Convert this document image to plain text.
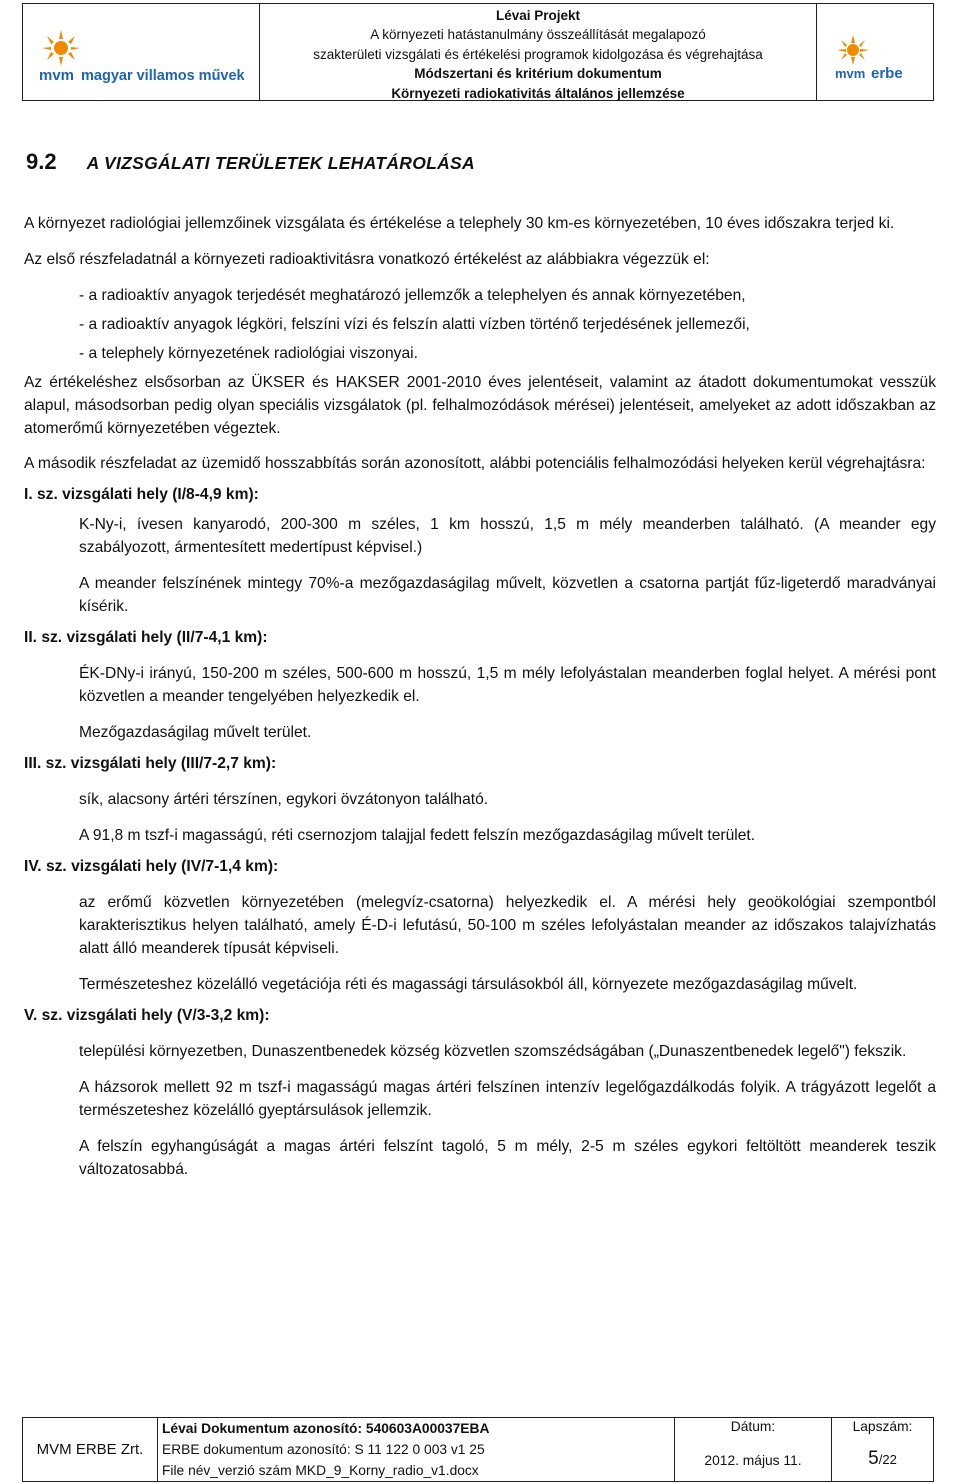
mvm magyar villamos művek
Lévai Projekt
A környezeti hatástanulmány összeállítását megalapozó
szakterületi vizsgálati és értékelési programok kidolgozása és végrehajtása
Módszertani és kritérium dokumentum
Környezeti radiokativitás általános jellemzése
mvm erbe
9.2 A VIZSGÁLATI TERÜLETEK LEHATÁROLÁSA

A környezet radiológiai jellemzőinek vizsgálata és értékelése a telephely 30 km-es környezetében, 10 éves időszakra terjed ki.

Az első részfeladatnál a környezeti radioaktivitásra vonatkozó értékelést az alábbiakra végezzük el:

- a radioaktív anyagok terjedését meghatározó jellemzők a telephelyen és annak környezetében,

- a radioaktív anyagok légköri, felszíni vízi és felszín alatti vízben történő terjedésének jellemezői,

- a telephely környezetének radiológiai viszonyai.

Az értékeléshez elsősorban az ÜKSER és HAKSER 2001-2010 éves jelentéseit, valamint az átadott dokumentumokat vesszük alapul, másodsorban pedig olyan speciális vizsgálatok (pl. felhalmozódások mérései) jelentéseit, amelyeket az adott időszakban az atomerőmű környezetében végeztek.

A második részfeladat az üzemidő hosszabbítás során azonosított, alábbi potenciális felhalmozódási helyeken kerül végrehajtásra:

I. sz. vizsgálati hely (I/8-4,9 km):

K-Ny-i, ívesen kanyarodó, 200-300 m széles, 1 km hosszú, 1,5 m mély meanderben található. (A meander egy szabályozott, ármentesített medertípust képvisel.)

A meander felszínének mintegy 70%-a mezőgazdaságilag művelt, közvetlen a csatorna partját fűz-ligeterdő maradványai kísérik.

II. sz. vizsgálati hely (II/7-4,1 km):

ÉK-DNy-i irányú, 150-200 m széles, 500-600 m hosszú, 1,5 m mély lefolyástalan meanderben foglal helyet. A mérési pont közvetlen a meander tengelyében helyezkedik el.

Mezőgazdaságilag művelt terület.

III. sz. vizsgálati hely (III/7-2,7 km):

sík, alacsony ártéri térszínen, egykori övzátonyon található.

A 91,8 m tszf-i magasságú, réti csernozjom talajjal fedett felszín mezőgazdaságilag művelt terület.

IV. sz. vizsgálati hely (IV/7-1,4 km):

az erőmű közvetlen környezetében (melegvíz-csatorna) helyezkedik el. A mérési hely geoökológiai szempontból karakterisztikus helyen található, amely É-D-i lefutású, 50-100 m széles lefolyástalan meander az időszakos talajvízhatás alatt álló meanderek típusát képviseli.

Természeteshez közelálló vegetációja réti és magassági társulásokból áll, környezete mezőgazdaságilag művelt.

V. sz. vizsgálati hely (V/3-3,2 km):

települési környezetben, Dunaszentbenedek község közvetlen szomszédságában („Dunaszentbenedek legelő") fekszik.

A házsorok mellett 92 m tszf-i magasságú magas ártéri felszínen intenzív legelőgazdálkodás folyik. A trágyázott legelőt a természeteshez közelálló gyeptársulások jellemzik.

A felszín egyhangúságát a magas ártéri felszínt tagoló, 5 m mély, 2-5 m széles egykori feltöltött meanderek teszik változatosabbá.

MVM ERBE Zrt.	
Lévai Dokumentum azonosító: 540603A00037EBA
ERBE dokumentum azonosító: S 11 122 0 003 v1 25
File név_verzió szám MKD_9_Korny_radio_v1.docx

Dátum:
2012. május 11.

Lapszám:
5/22
